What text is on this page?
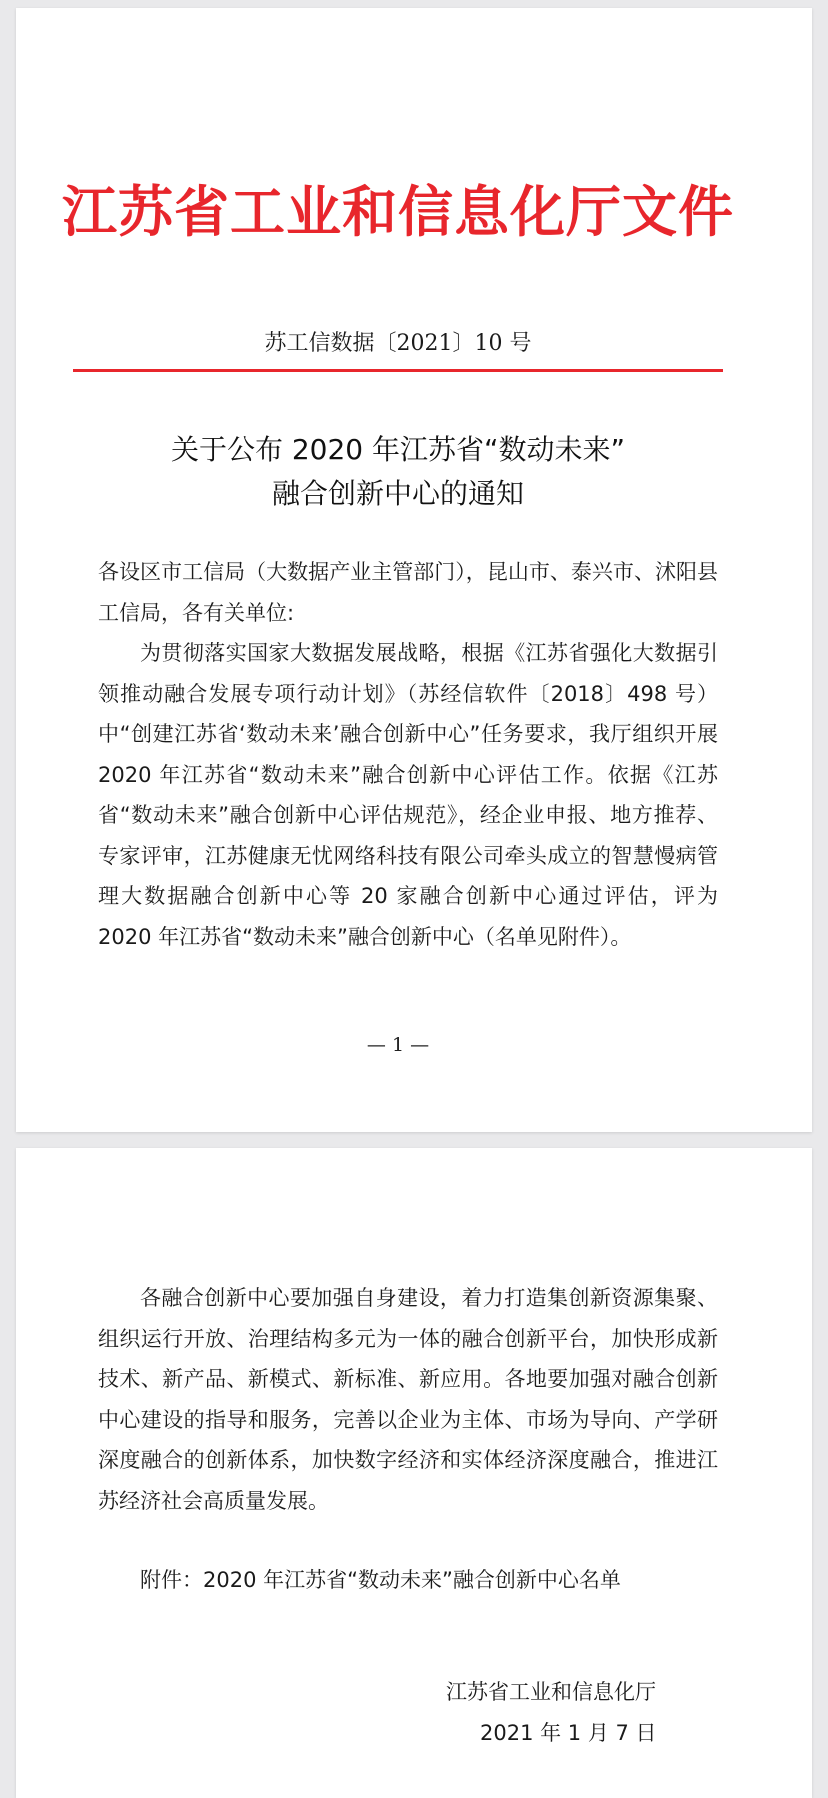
江苏省工业和信息化厅文件
苏工信数据〔2021〕10 号
关于公布 2020 年江苏省“数动未来”
融合创新中心的通知

各设区市工信局（大数据产业主管部门），昆山市、泰兴市、沭阳县工信局，各有关单位:

为贯彻落实国家大数据发展战略，根据《江苏省强化大数据引领推动融合发展专项行动计划》（苏经信软件〔2018〕498 号）中“创建江苏省‘数动未来’融合创新中心”任务要求，我厅组织开展 2020 年江苏省“数动未来”融合创新中心评估工作。依据《江苏省“数动未来”融合创新中心评估规范》，经企业申报、地方推荐、专家评审，江苏健康无忧网络科技有限公司牵头成立的智慧慢病管理大数据融合创新中心等 20 家融合创新中心通过评估，评为 2020 年江苏省“数动未来”融合创新中心（名单见附件）。

— 1 —

各融合创新中心要加强自身建设，着力打造集创新资源集聚、组织运行开放、治理结构多元为一体的融合创新平台，加快形成新技术、新产品、新模式、新标准、新应用。各地要加强对融合创新中心建设的指导和服务，完善以企业为主体、市场为导向、产学研深度融合的创新体系，加快数字经济和实体经济深度融合，推进江苏经济社会高质量发展。

附件：2020 年江苏省“数动未来”融合创新中心名单
江苏省工业和信息化厅
2021 年 1 月 7 日
